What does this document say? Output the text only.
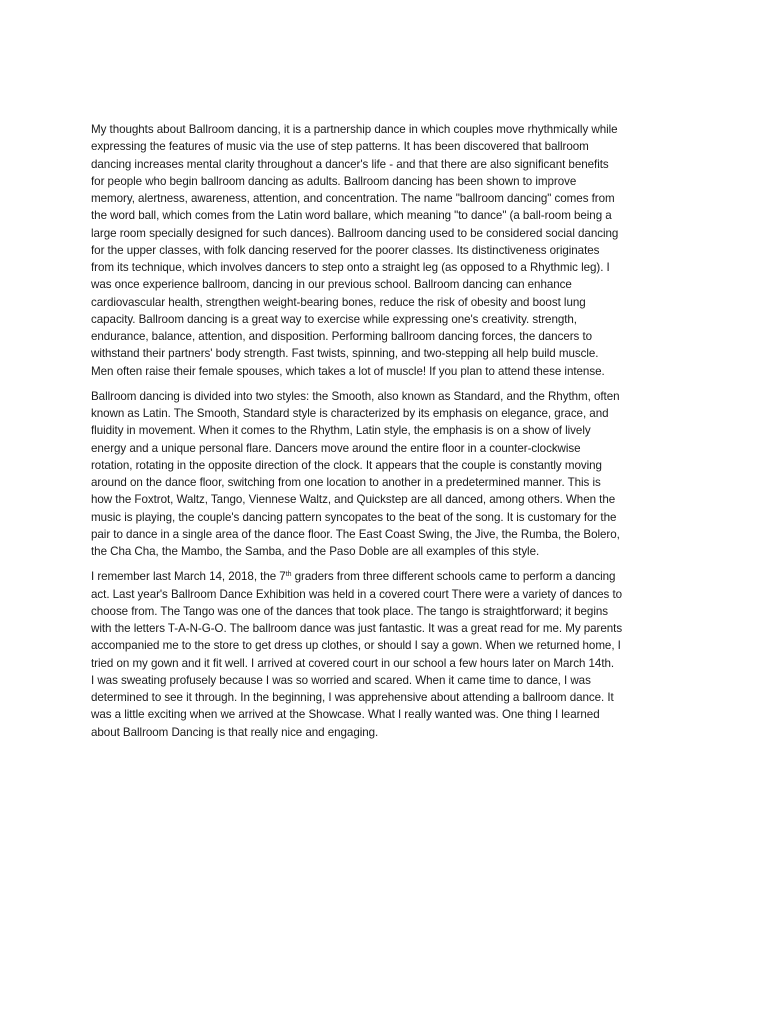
My thoughts about Ballroom dancing, it is a partnership dance in which couples move rhythmically while
expressing the features of music via the use of step patterns. It has been discovered that ballroom
dancing increases mental clarity throughout a dancer's life - and that there are also significant benefits
for people who begin ballroom dancing as adults. Ballroom dancing has been shown to improve
memory, alertness, awareness, attention, and concentration. The name "ballroom dancing" comes from
the word ball, which comes from the Latin word ballare, which meaning "to dance" (a ball-room being a
large room specially designed for such dances). Ballroom dancing used to be considered social dancing
for the upper classes, with folk dancing reserved for the poorer classes. Its distinctiveness originates
from its technique, which involves dancers to step onto a straight leg (as opposed to a Rhythmic leg). I
was once experience ballroom, dancing in our previous school. Ballroom dancing can enhance
cardiovascular health, strengthen weight-bearing bones, reduce the risk of obesity and boost lung
capacity. Ballroom dancing is a great way to exercise while expressing one's creativity. strength,
endurance, balance, attention, and disposition. Performing ballroom dancing forces, the dancers to
withstand their partners' body strength. Fast twists, spinning, and two-stepping all help build muscle.
Men often raise their female spouses, which takes a lot of muscle! If you plan to attend these intense.

Ballroom dancing is divided into two styles: the Smooth, also known as Standard, and the Rhythm, often
known as Latin. The Smooth, Standard style is characterized by its emphasis on elegance, grace, and
fluidity in movement. When it comes to the Rhythm, Latin style, the emphasis is on a show of lively
energy and a unique personal flare. Dancers move around the entire floor in a counter-clockwise
rotation, rotating in the opposite direction of the clock. It appears that the couple is constantly moving
around on the dance floor, switching from one location to another in a predetermined manner. This is
how the Foxtrot, Waltz, Tango, Viennese Waltz, and Quickstep are all danced, among others. When the
music is playing, the couple's dancing pattern syncopates to the beat of the song. It is customary for the
pair to dance in a single area of the dance floor. The East Coast Swing, the Jive, the Rumba, the Bolero,
the Cha Cha, the Mambo, the Samba, and the Paso Doble are all examples of this style.

I remember last March 14, 2018, the 7th graders from three different schools came to perform a dancing
act. Last year's Ballroom Dance Exhibition was held in a covered court There were a variety of dances to
choose from. The Tango was one of the dances that took place. The tango is straightforward; it begins
with the letters T-A-N-G-O. The ballroom dance was just fantastic. It was a great read for me. My parents
accompanied me to the store to get dress up clothes, or should I say a gown. When we returned home, I
tried on my gown and it fit well. I arrived at covered court in our school a few hours later on March 14th.
I was sweating profusely because I was so worried and scared. When it came time to dance, I was
determined to see it through. In the beginning, I was apprehensive about attending a ballroom dance. It
was a little exciting when we arrived at the Showcase. What I really wanted was. One thing I learned
about Ballroom Dancing is that really nice and engaging.
